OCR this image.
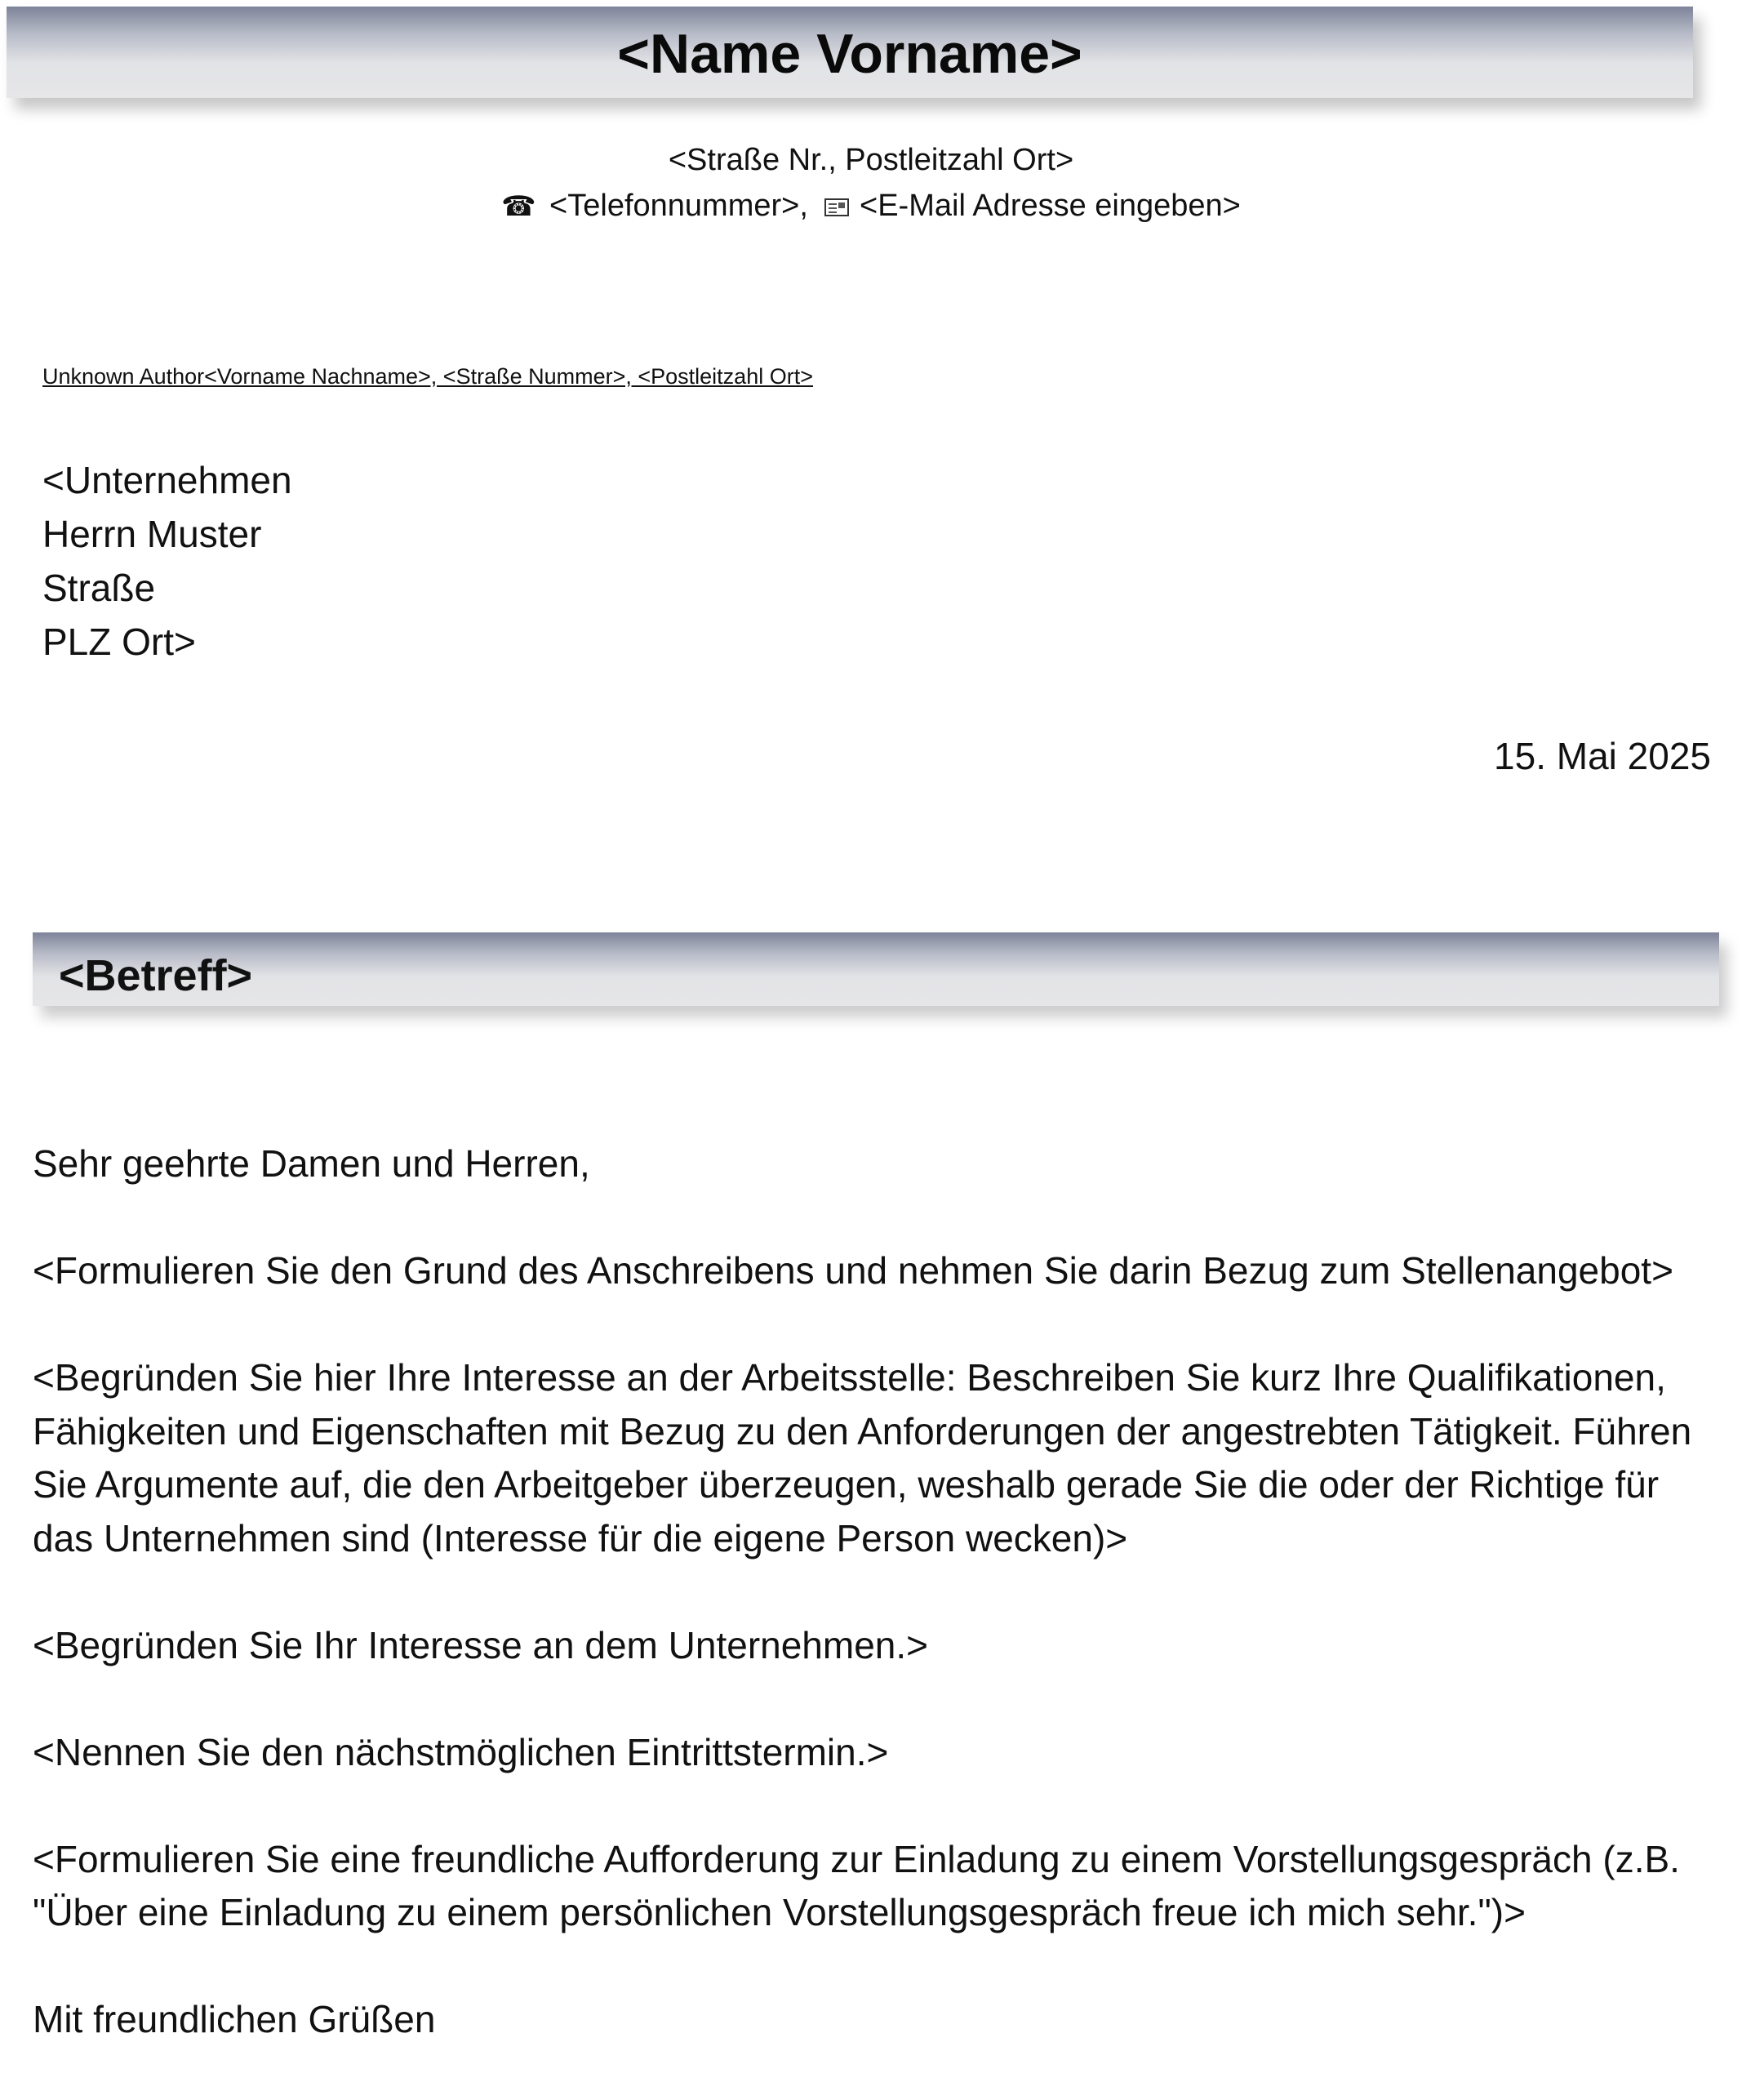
<Name Vorname>
<Straße Nr., Postleitzahl Ort>
☎ <Telefonnummer>, <E-Mail Adresse eingeben>
Unknown Author<Vorname Nachname>, <Straße Nummer>, <Postleitzahl Ort>
<Unternehmen
Herrn Muster
Straße
PLZ Ort>
15. Mai 2025
<Betreff>

Sehr geehrte Damen und Herren,

<Formulieren Sie den Grund des Anschreibens und nehmen Sie darin Bezug zum Stellenangebot>

<Begründen Sie hier Ihre Interesse an der Arbeitsstelle: Beschreiben Sie kurz Ihre Qualifikationen, Fähigkeiten und Eigenschaften mit Bezug zu den Anforderungen der angestrebten Tätigkeit. Führen Sie Argumente auf, die den Arbeitgeber überzeugen, weshalb gerade Sie die oder der Richtige für das Unternehmen sind (Interesse für die eigene Person wecken)>

<Begründen Sie Ihr Interesse an dem Unternehmen.>

<Nennen Sie den nächstmöglichen Eintrittstermin.>

<Formulieren Sie eine freundliche Aufforderung zur Einladung zu einem Vorstellungsgespräch (z.B. "Über eine Einladung zu einem persönlichen Vorstellungsgespräch freue ich mich sehr.")>

Mit freundlichen Grüßen
